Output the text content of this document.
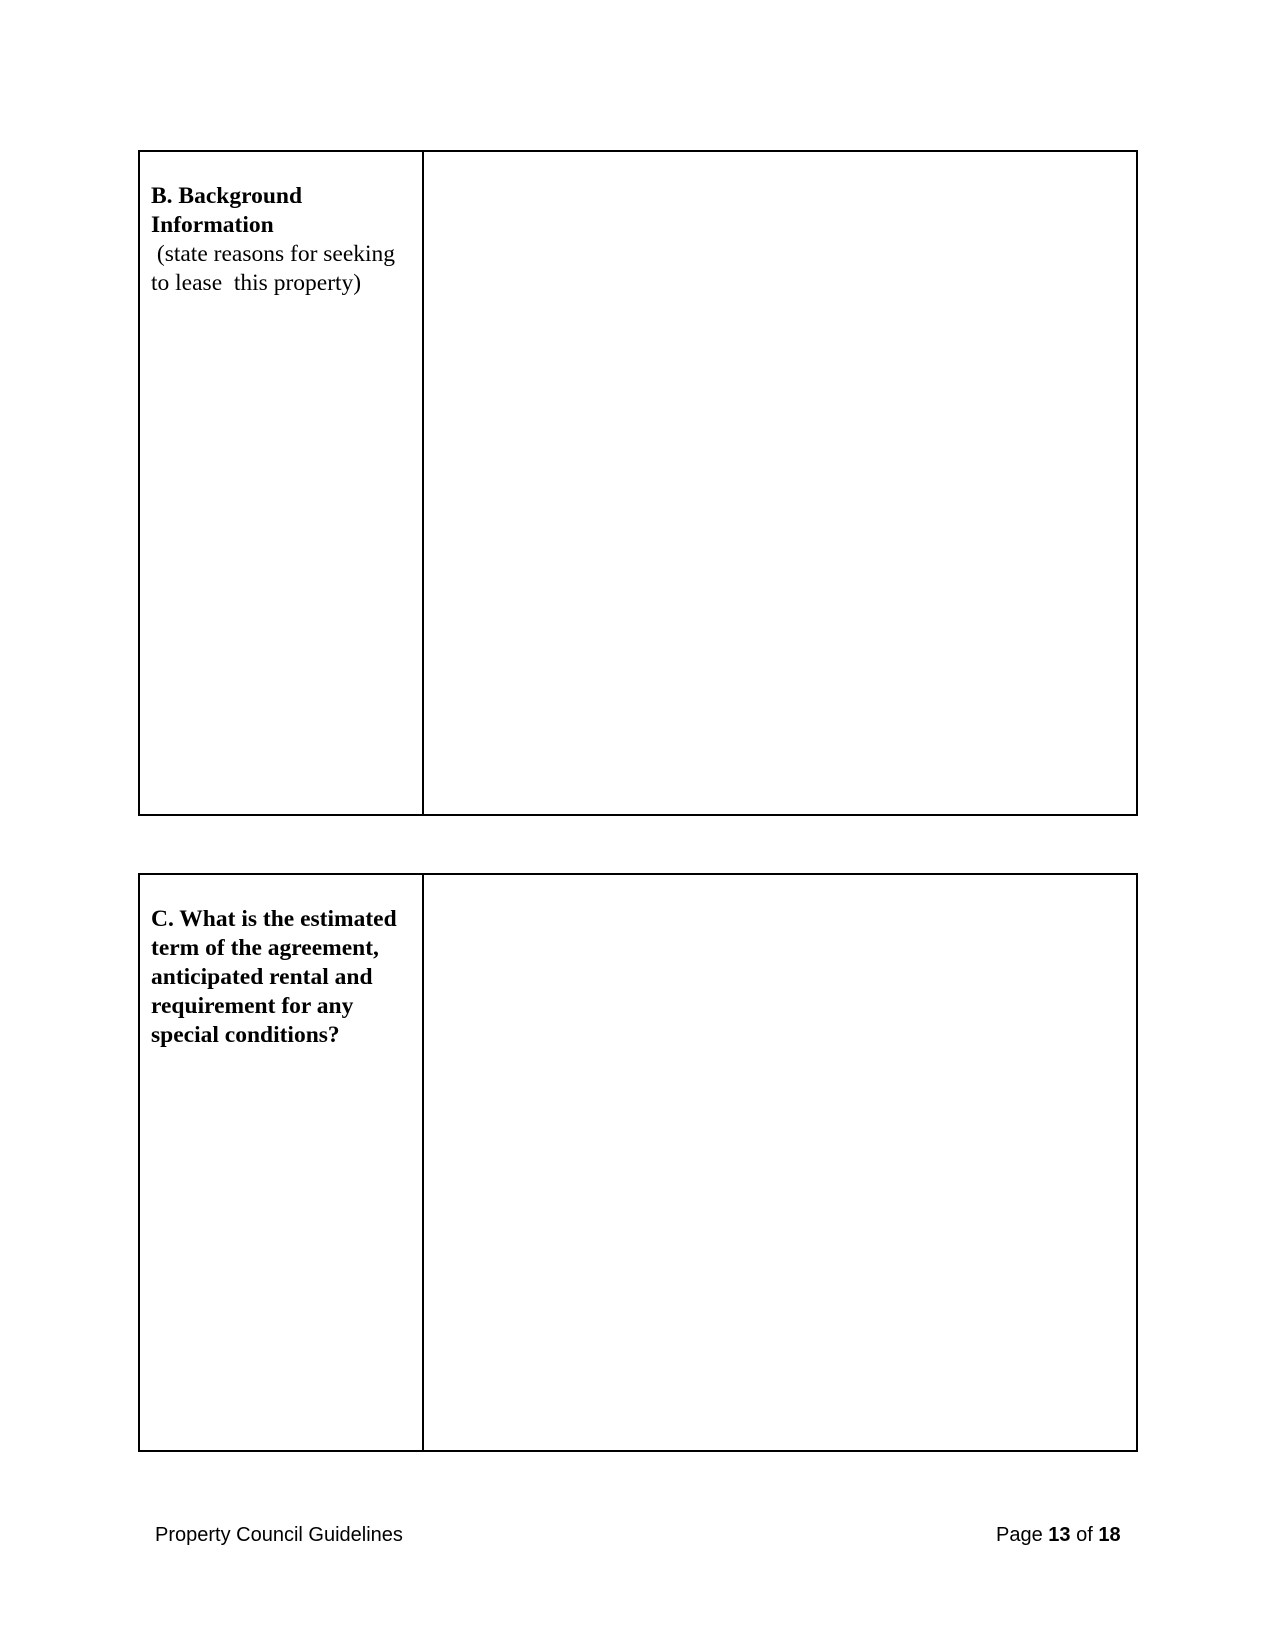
B. Background
Information
(state reasons for seeking to lease  this property)
C. What is the estimated term of the agreement, anticipated rental and requirement for any special conditions?
Property Council Guidelines	Page 13 of 18
